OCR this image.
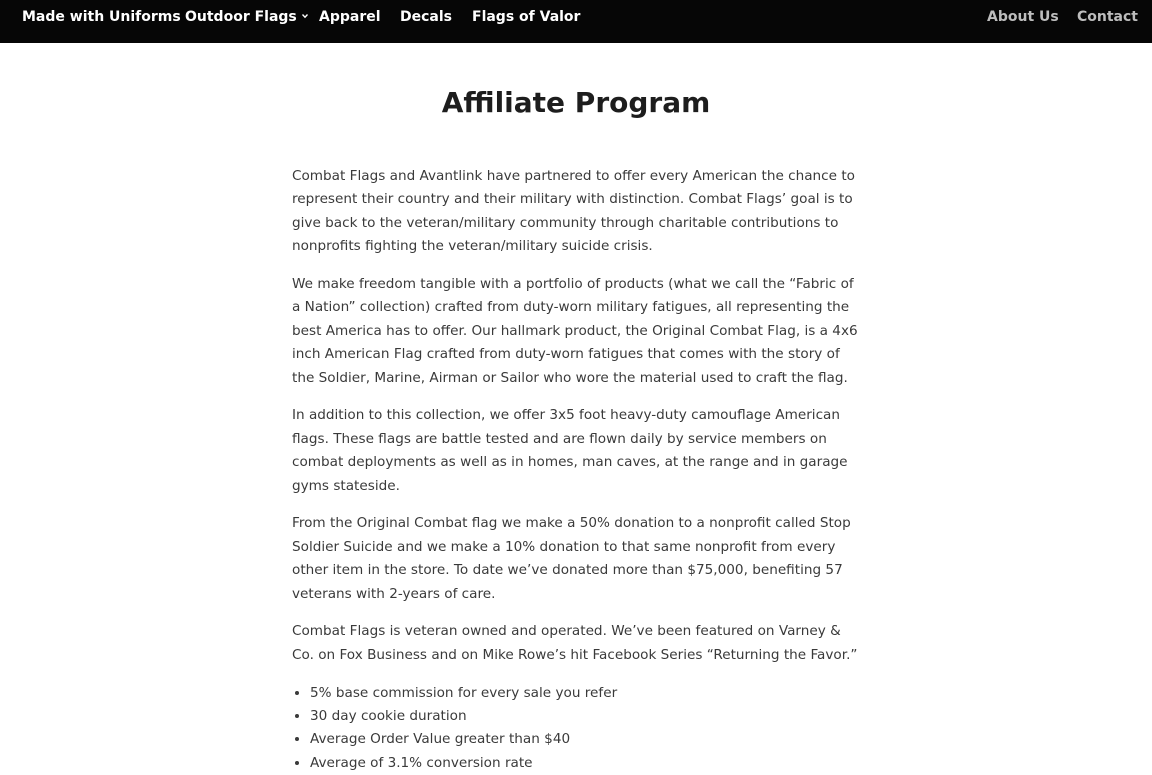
Made with Uniforms Outdoor Flags	Apparel Decals Flags of Valor	About Us Contact
Affiliate Program

Combat Flags and Avantlink have partnered to offer every American the chance to represent their country and their military with distinction. Combat Flags’ goal is to give back to the veteran/military community through charitable contributions to nonprofits fighting the veteran/military suicide crisis.

We make freedom tangible with a portfolio of products (what we call the “Fabric of a Nation” collection) crafted from duty-worn military fatigues, all representing the best America has to offer. Our hallmark product, the Original Combat Flag, is a 4x6 inch American Flag crafted from duty-worn fatigues that comes with the story of the Soldier, Marine, Airman or Sailor who wore the material used to craft the flag.

In addition to this collection, we offer 3x5 foot heavy-duty camouflage American flags. These flags are battle tested and are flown daily by service members on combat deployments as well as in homes, man caves, at the range and in garage gyms stateside.

From the Original Combat flag we make a 50% donation to a nonprofit called Stop Soldier Suicide and we make a 10% donation to that same nonprofit from every other item in the store. To date we’ve donated more than $75,000, benefiting 57 veterans with 2-years of care.

Combat Flags is veteran owned and operated. We’ve been featured on Varney & Co. on Fox Business and on Mike Rowe’s hit Facebook Series “Returning the Favor.”

• 5% base commission for every sale you refer
• 30 day cookie duration
• Average Order Value greater than $40
• Average of 3.1% conversion rate
